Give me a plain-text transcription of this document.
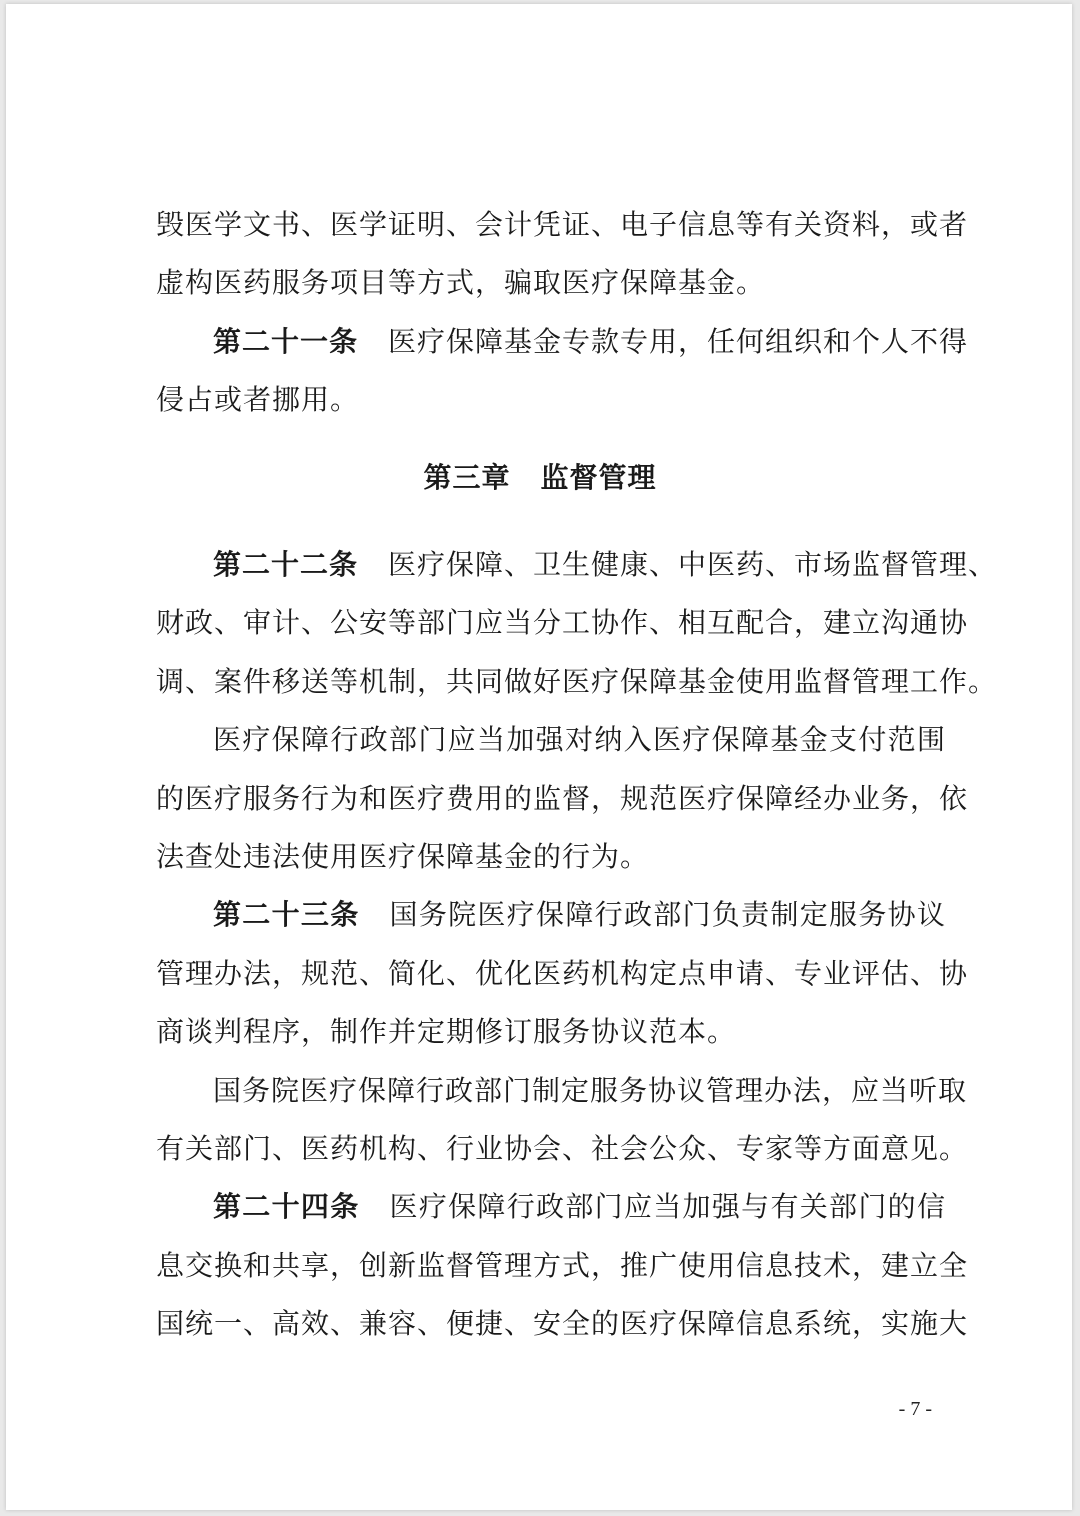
毁医学文书、医学证明、会计凭证、电子信息等有关资料，或者
虚构医药服务项目等方式，骗取医疗保障基金。
第二十一条 医疗保障基金专款专用，任何组织和个人不得
侵占或者挪用。
第三章 监督管理
第二十二条 医疗保障、卫生健康、中医药、市场监督管理、
财政、审计、公安等部门应当分工协作、相互配合，建立沟通协
调、案件移送等机制，共同做好医疗保障基金使用监督管理工作。
医疗保障行政部门应当加强对纳入医疗保障基金支付范围
的医疗服务行为和医疗费用的监督，规范医疗保障经办业务，依
法查处违法使用医疗保障基金的行为。
第二十三条 国务院医疗保障行政部门负责制定服务协议
管理办法，规范、简化、优化医药机构定点申请、专业评估、协
商谈判程序，制作并定期修订服务协议范本。
国务院医疗保障行政部门制定服务协议管理办法，应当听取
有关部门、医药机构、行业协会、社会公众、专家等方面意见。
第二十四条 医疗保障行政部门应当加强与有关部门的信
息交换和共享，创新监督管理方式，推广使用信息技术，建立全
国统一、高效、兼容、便捷、安全的医疗保障信息系统，实施大
- 7 -
